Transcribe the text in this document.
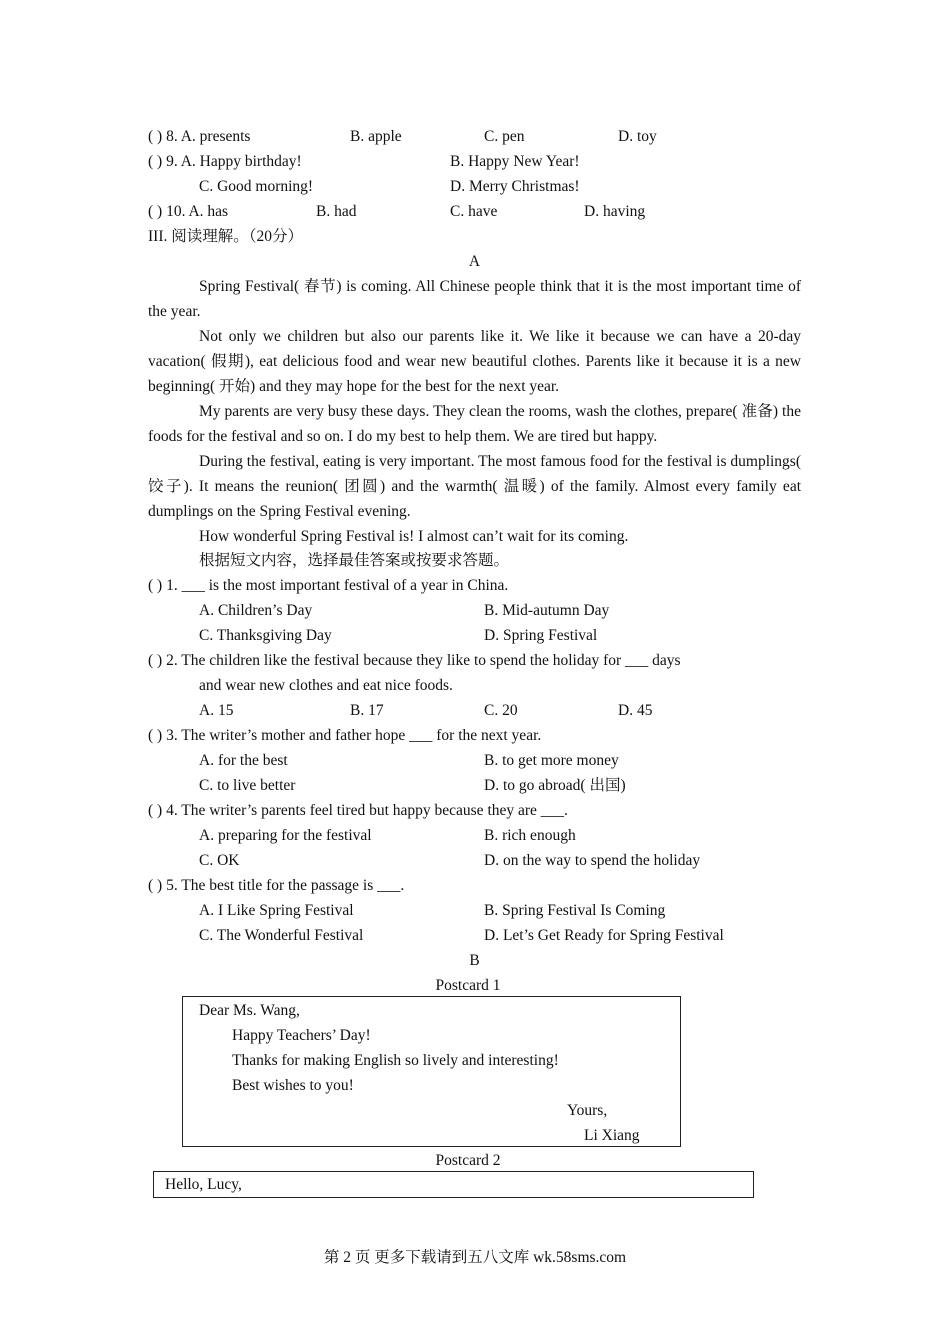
( ) 8. A. presents	B. apple	C. pen	D. toy
( ) 9. A. Happy birthday!	B. Happy New Year!
C. Good morning!	D. Merry Christmas!
( ) 10. A. has	B. had	C. have	D. having
III. 阅读理解。（20分）
A
Spring Festival( 春节) is coming. All Chinese people think that it is the most important time of the year.
Not only we children but also our parents like it. We like it because we can have a 20-day vacation( 假期), eat delicious food and wear new beautiful clothes. Parents like it because it is a new beginning( 开始) and they may hope for the best for the next year.
My parents are very busy these days. They clean the rooms, wash the clothes, prepare( 准备) the foods for the festival and so on. I do my best to help them. We are tired but happy.
During the festival, eating is very important. The most famous food for the festival is dumplings( 饺子). It means the reunion( 团圆) and the warmth( 温暖) of the family. Almost every family eat dumplings on the Spring Festival evening.
How wonderful Spring Festival is! I almost can’t wait for its coming.
根据短文内容，选择最佳答案或按要求答题。
( ) 1. ___ is the most important festival of a year in China.
A. Children’s Day	B. Mid-autumn Day
C. Thanksgiving Day	D. Spring Festival
( ) 2. The children like the festival because they like to spend the holiday for ___ days
and wear new clothes and eat nice foods.
A. 15	B. 17	C. 20	D. 45
( ) 3. The writer’s mother and father hope ___ for the next year.
A. for the best	B. to get more money
C. to live better	D. to go abroad( 出国)
( ) 4. The writer’s parents feel tired but happy because they are ___.
A. preparing for the festival	B. rich enough
C. OK	D. on the way to spend the holiday
( ) 5. The best title for the passage is ___.
A. I Like Spring Festival	B. Spring Festival Is Coming
C. The Wonderful Festival	D. Let’s Get Ready for Spring Festival
B
Postcard 1
Dear Ms. Wang,
Happy Teachers’ Day!
Thanks for making English so lively and interesting!
Best wishes to you!
Yours,
Li Xiang
Postcard 2
Hello, Lucy,
第 2 页 更多下载请到五八文库 wk.58sms.com
